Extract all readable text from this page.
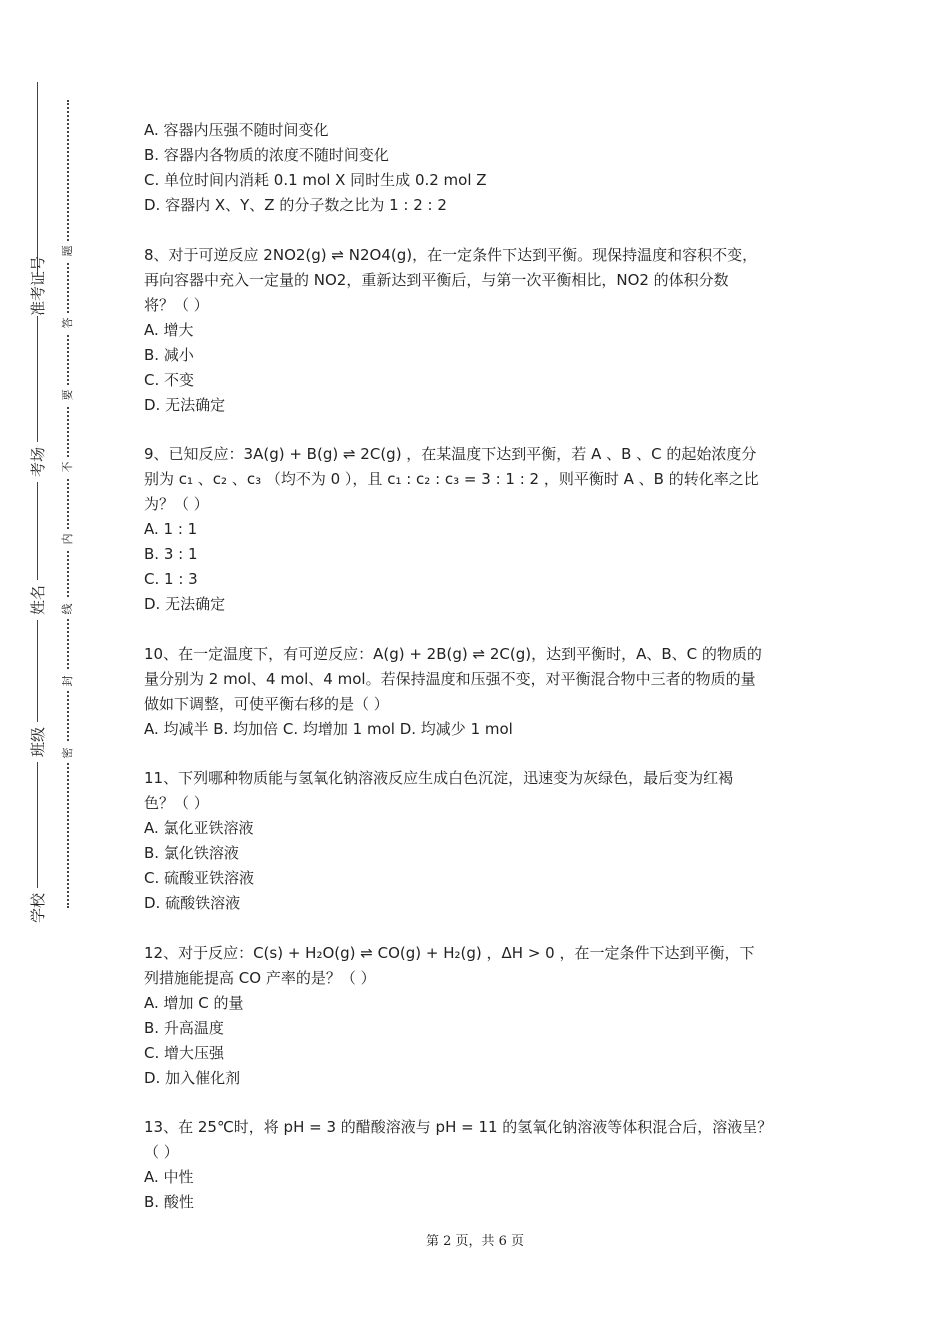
准考证号
考场
姓名
班级
学校
题
答
要
不
内
线
封
密
A. 容器内压强不随时间变化
B. 容器内各物质的浓度不随时间变化
C. 单位时间内消耗 0.1 mol X 同时生成 0.2 mol Z
D. 容器内 X、Y、Z 的分子数之比为 1 : 2 : 2
8、对于可逆反应 2NO2(g) ⇌ N2O4(g)，在一定条件下达到平衡。现保持温度和容积不变，
再向容器中充入一定量的 NO2，重新达到平衡后，与第一次平衡相比，NO2 的体积分数
将？（ ）
A. 增大
B. 减小
C. 不变
D. 无法确定
9、已知反应：3A(g) + B(g) ⇌ 2C(g) ，在某温度下达到平衡，若 A 、B 、C 的起始浓度分
别为 c₁ 、c₂ 、c₃ （均不为 0 ），且 c₁ : c₂ : c₃ = 3 : 1 : 2 ，则平衡时 A 、B 的转化率之比
为？（ ）
A. 1 : 1
B. 3 : 1
C. 1 : 3
D. 无法确定
10、在一定温度下，有可逆反应：A(g) + 2B(g) ⇌ 2C(g)，达到平衡时，A、B、C 的物质的
量分别为 2 mol、4 mol、4 mol。若保持温度和压强不变，对平衡混合物中三者的物质的量
做如下调整，可使平衡右移的是（ ）
A. 均减半 B. 均加倍 C. 均增加 1 mol D. 均减少 1 mol
11、下列哪种物质能与氢氧化钠溶液反应生成白色沉淀，迅速变为灰绿色，最后变为红褐
色？（ ）
A. 氯化亚铁溶液
B. 氯化铁溶液
C. 硫酸亚铁溶液
D. 硫酸铁溶液
12、对于反应：C(s) + H₂O(g) ⇌ CO(g) + H₂(g) ，ΔH > 0 ，在一定条件下达到平衡，下
列措施能提高 CO 产率的是？（ ）
A. 增加 C 的量
B. 升高温度
C. 增大压强
D. 加入催化剂
13、在 25℃时，将 pH = 3 的醋酸溶液与 pH = 11 的氢氧化钠溶液等体积混合后，溶液呈？
（ ）
A. 中性
B. 酸性
第 2 页，共 6 页
